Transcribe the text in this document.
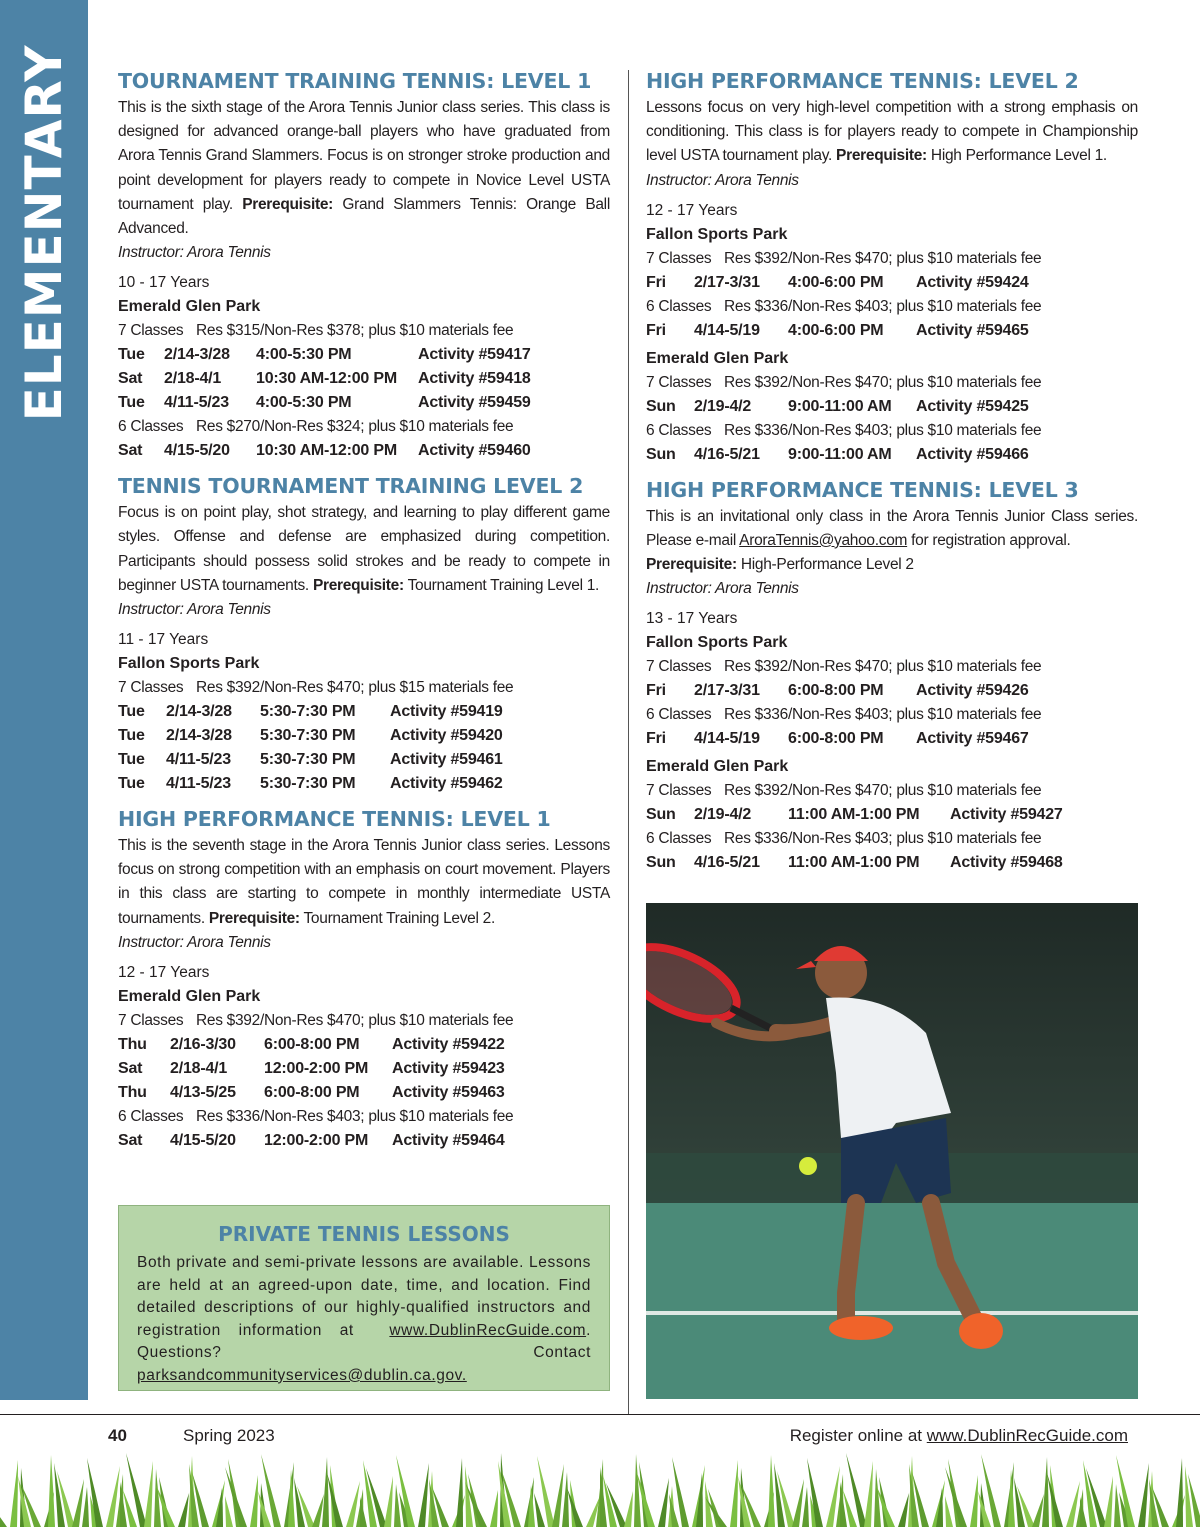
ELEMENTARY TOURNAMENT TRAINING TENNIS: LEVEL 1

This is the sixth stage of the Arora Tennis Junior class series. This class is designed for advanced orange-ball players who have graduated from Arora Tennis Grand Slammers. Focus is on stronger stroke production and point development for players ready to compete in Novice Level USTA tournament play. Prerequisite: Grand Slammers Tennis: Orange Ball Advanced.

Instructor: Arora Tennis

10 - 17 Years

Emerald Glen Park

7 Classes Res $315/Non-Res $378; plus $10 materials fee

Tue 2/14-3/28 4:00-5:30 PM	Activity #59417

Sat 2/18-4/1 10:30 AM-12:00 PM Activity #59418

Tue 4/11-5/23 4:00-5:30 PM	Activity #59459

6 Classes Res $270/Non-Res $324; plus $10 materials fee

Sat 4/15-5/20 10:30 AM-12:00 PM Activity #59460

TENNIS TOURNAMENT TRAINING LEVEL 2

Focus is on point play, shot strategy, and learning to play different game styles. Offense and defense are emphasized during competition. Participants should possess solid strokes and be ready to compete in beginner USTA tournaments. Prerequisite: Tournament Training Level 1.

Instructor: Arora Tennis

11 - 17 Years

Fallon Sports Park

7 Classes Res $392/Non-Res $470; plus $15 materials fee

Tue 2/14-3/28 5:30-7:30 PM Activity #59419

Tue 2/14-3/28 5:30-7:30 PM Activity #59420

Tue 4/11-5/23 5:30-7:30 PM Activity #59461

Tue 4/11-5/23 5:30-7:30 PM Activity #59462

HIGH PERFORMANCE TENNIS: LEVEL 1

This is the seventh stage in the Arora Tennis Junior class series. Lessons focus on strong competition with an emphasis on court movement. Players in this class are starting to compete in monthly intermediate USTA tournaments. Prerequisite: Tournament Training Level 2.

Instructor: Arora Tennis

12 - 17 Years

Emerald Glen Park

7 Classes Res $392/Non-Res $470; plus $10 materials fee

Thu 2/16-3/30 6:00-8:00 PM Activity #59422

Sat 2/18-4/1 12:00-2:00 PM Activity #59423

Thu 4/13-5/25 6:00-8:00 PM Activity #59463

6 Classes Res $336/Non-Res $403; plus $10 materials fee

Sat 4/15-5/20 12:00-2:00 PM Activity #59464

HIGH PERFORMANCE TENNIS: LEVEL 2

Lessons focus on very high-level competition with a strong emphasis on conditioning. This class is for players ready to compete in Championship level USTA tournament play. Prerequisite: High Performance Level 1.

Instructor: Arora Tennis

12 - 17 Years

Fallon Sports Park

7 Classes Res $392/Non-Res $470; plus $10 materials fee

Fri 2/17-3/31 4:00-6:00 PM Activity #59424

6 Classes Res $336/Non-Res $403; plus $10 materials fee

Fri 4/14-5/19 4:00-6:00 PM Activity #59465

Emerald Glen Park

7 Classes Res $392/Non-Res $470; plus $10 materials fee

Sun 2/19-4/2 9:00-11:00 AM Activity #59425

6 Classes Res $336/Non-Res $403; plus $10 materials fee

Sun 4/16-5/21 9:00-11:00 AM Activity #59466

HIGH PERFORMANCE TENNIS: LEVEL 3

This is an invitational only class in the Arora Tennis Junior Class series. Please e-mail AroraTennis@yahoo.com for registration approval.
Prerequisite: High-Performance Level 2

Instructor: Arora Tennis

13 - 17 Years

Fallon Sports Park

7 Classes Res $392/Non-Res $470; plus $10 materials fee

Fri 2/17-3/31 6:00-8:00 PM Activity #59426

6 Classes Res $336/Non-Res $403; plus $10 materials fee

Fri 4/14-5/19 6:00-8:00 PM Activity #59467

Emerald Glen Park

7 Classes Res $392/Non-Res $470; plus $10 materials fee

Sun 2/19-4/2 11:00 AM-1:00 PM Activity #59427

6 Classes Res $336/Non-Res $403; plus $10 materials fee

Sun 4/16-5/21 11:00 AM-1:00 PM Activity #59468

PRIVATE TENNIS LESSONS

Both private and semi-private lessons are available. Lessons are held at an agreed-upon date, time, and location. Find detailed descriptions of our highly-qualified instructors and registration information at www.DublinRecGuide.com. Questions? Contact parksandcommunityservices@dublin.ca.gov.

40	Spring 2023	Register online at www.DublinRecGuide.com
